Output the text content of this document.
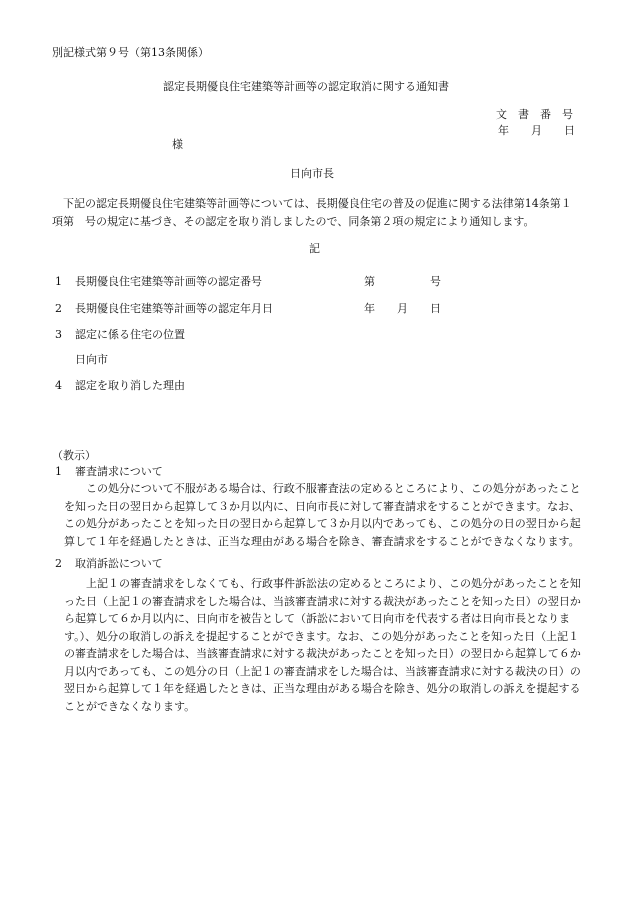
別記様式第９号（第13条関係）
認定長期優良住宅建築等計画等の認定取消に関する通知書
文　書　番　号
年　　月　　日
様
日向市長
下記の認定長期優良住宅建築等計画等については、長期優良住宅の普及の促進に関する法律第14条第１項第　号の規定に基づき、その認定を取り消しましたので、同条第２項の規定により通知します。
記
1 長期優良住宅建築等計画等の認定番号	第　　　　　号
2 長期優良住宅建築等計画等の認定年月日	年　　月　　日
3 認定に係る住宅の位置
日向市
4 認定を取り消した理由
（教示）
1 審査請求について
この処分について不服がある場合は、行政不服審査法の定めるところにより、この処分があったことを知った日の翌日から起算して３か月以内に、日向市長に対して審査請求をすることができます。なお、この処分があったことを知った日の翌日から起算して３か月以内であっても、この処分の日の翌日から起算して１年を経過したときは、正当な理由がある場合を除き、審査請求をすることができなくなります。
2 取消訴訟について
上記１の審査請求をしなくても、行政事件訴訟法の定めるところにより、この処分があったことを知った日（上記１の審査請求をした場合は、当該審査請求に対する裁決があったことを知った日）の翌日から起算して６か月以内に、日向市を被告として（訴訟において日向市を代表する者は日向市長となります。）、処分の取消しの訴えを提起することができます。なお、この処分があったことを知った日（上記１の審査請求をした場合は、当該審査請求に対する裁決があったことを知った日）の翌日から起算して６か月以内であっても、この処分の日（上記１の審査請求をした場合は、当該審査請求に対する裁決の日）の翌日から起算して１年を経過したときは、正当な理由がある場合を除き、処分の取消しの訴えを提起することができなくなります。
